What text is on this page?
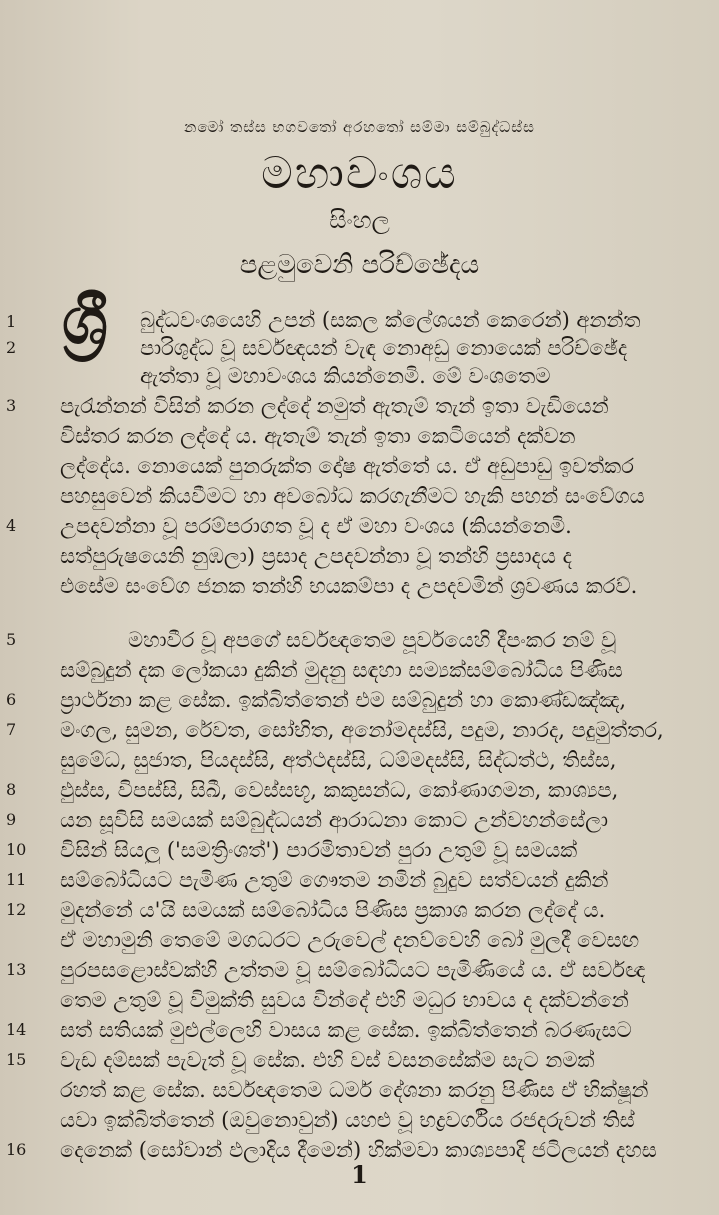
නමෝ තස්ස භගවතෝ අරහතෝ සම්මා සම්බුද්ධස්ස
මහාවංශය
සිංහල
පළමුවෙනි පරිච්ඡේදය
ශ්‍රී බුද්ධවංශයෙහි උපන් (සකල ක්ලේශයන් කෙරෙන්) අනන්ත
පාරිශුද්ධ වූ සර්වඥයන් වැඳ නොඅඩු නොයෙක් පරිච්ඡේද
ඇත්තා වූ මහාවංශය කියන්නෙමි. මේ වංශතෙම
පැරැන්නන් විසින් කරන ලද්දේ නමුත් ඇතැම් තැන් ඉතා වැඩියෙන්
විස්තර කරන ලද්දේ ය. ඇතැම් තැන් ඉතා කෙටියෙන් දක්වන
ලද්දේය. නොයෙක් පුනරුක්ත දෝෂ ඇත්තේ ය. ඒ අඩුපාඩු ඉවත්කර
පහසුවෙන් කියවීමට හා අවබෝධ කරගැනීමට හැකි පහන් සංවේගය
උපදවන්නා වූ පරම්පරාගත වූ ද ඒ මහා වංශය (කියන්නෙමි.
සත්පුරුෂයෙනි නුඹලා) ප්‍රසාද උපදවන්නා වූ තන්හි ප්‍රසාදය ද
එසේම සංවේග ජනක තන්හි භයකම්පා ද උපදවමින් ශ්‍රවණය කරව්.
මහාවීර වූ අපගේ සර්වඥතෙම පූර්වයෙහි දීපංකර නම් වූ
සම්බුදුන් දක ලෝකයා දුකින් මුදනු සඳහා සම්‍යක්සම්බෝධිය පිණිස
ප්‍රාර්ථනා කළ සේක. ඉක්බිත්තෙන් එම සම්බුදුන් හා කොණ්ඩඤ්ඤ,
මංගල, සුමන, රේවත, සෝභිත, අනෝමදස්සි, පදුම, නාරද, පදුමුත්තර,
සුමේධ, සුජාත, පියදස්සි, අත්ථදස්සි, ධම්මදස්සි, සිද්ධත්ථ, තිස්ස,
ඵුස්ස, විපස්සි, සිඛී, වෙස්සභූ, කකුසන්ධ, කෝණාගමන, කාශ්‍යප,
යන සූවිසි සමයක් සම්බුද්ධයන් ආරාධනා කොට උන්වහන්සේලා
විසින් සියලු ('සමත්‍රිංශත්') පාරමිතාවන් පුරා උතුම් වූ සමයක්
සම්බෝධියට පැමිණ උතුම් ගෞතම නමින් බුදුව සත්වයන් දුකින්
මුදන්නේ ය'යි සමයක් සම්බෝධිය පිණිස ප්‍රකාශ කරන ලද්දේ ය.
ඒ මහාමුනි තෙමේ මගධරට උරුවෙල් දනව්වෙහි බෝ මුලදී වෙසඟ
පුරපසළොස්වක්හි උත්තම වූ සම්බෝධියට පැමිණියේ ය. ඒ සර්වඥ
තෙම උතුම් වූ විමුක්ති සුවය වින්දේ එහි මධුර භාවය ද දක්වන්නේ
සත් සතියක් මුළුල්ලෙහි වාසය කළ සේක. ඉක්බිත්තෙන් බරණැසට
වැඩ දම්සක් පැවැත් වූ සේක. එහි වස් වසනසේක්ම සැට නමක්
රහත් කළ සේක. සර්වඥතෙම ධර්ම දේශනා කරනු පිණිස ඒ භික්ෂූන්
යවා ඉක්බිත්තෙන් (ඔවුනොවුන්) යහළු වූ භද්‍රවර්ගිය රජදරුවන් තිස්
දෙනෙක් (සෝවාන් ඵලාදිය දීමෙන්) හික්මවා කාශ්‍යපාදි ජටිලයන් දහස
1
2
3
4
5
6
7
8
9
10
11
12
13
14
15
16
1
